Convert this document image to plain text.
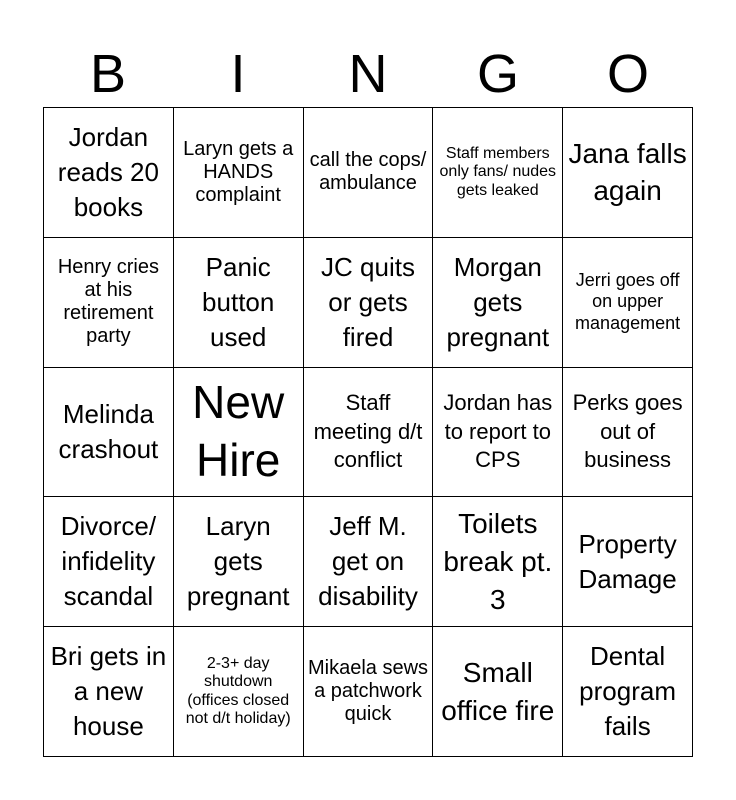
B	I	N	G	O
Jordan reads 20 books
Laryn gets a HANDS complaint
call the cops/ ambulance
Staff members only fans/ nudes gets leaked
Jana falls again
Henry cries at his retirement party
Panic button used
JC quits or gets fired
Morgan gets pregnant
Jerri goes off on upper management
Melinda crashout
New Hire
Staff meeting d/t conflict
Jordan has to report to CPS
Perks goes out of business
Divorce/ infidelity scandal
Laryn gets pregnant
Jeff M. get on disability
Toilets break pt. 3
Property Damage
Bri gets in a new house
2-3+ day shutdown (offices closed not d/t holiday)
Mikaela sews a patchwork quick
Small office fire
Dental program fails
